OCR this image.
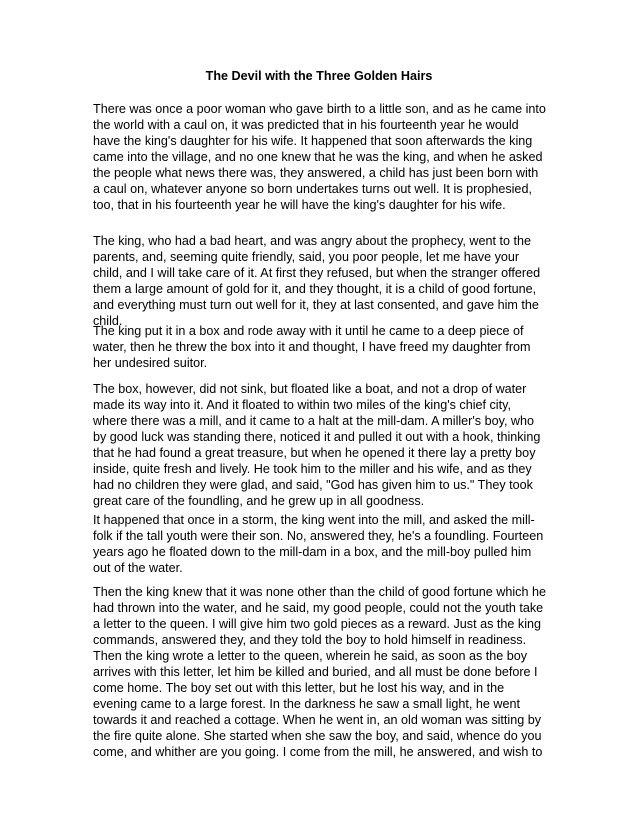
The Devil with the Three Golden Hairs
There was once a poor woman who gave birth to a little son, and as he came into
the world with a caul on, it was predicted that in his fourteenth year he would
have the king's daughter for his wife. It happened that soon afterwards the king
came into the village, and no one knew that he was the king, and when he asked
the people what news there was, they answered, a child has just been born with
a caul on, whatever anyone so born undertakes turns out well. It is prophesied,
too, that in his fourteenth year he will have the king's daughter for his wife.
The king, who had a bad heart, and was angry about the prophecy, went to the
parents, and, seeming quite friendly, said, you poor people, let me have your
child, and I will take care of it. At first they refused, but when the stranger offered
them a large amount of gold for it, and they thought, it is a child of good fortune,
and everything must turn out well for it, they at last consented, and gave him the
child.
The king put it in a box and rode away with it until he came to a deep piece of
water, then he threw the box into it and thought, I have freed my daughter from
her undesired suitor.
The box, however, did not sink, but floated like a boat, and not a drop of water
made its way into it. And it floated to within two miles of the king's chief city,
where there was a mill, and it came to a halt at the mill-dam. A miller's boy, who
by good luck was standing there, noticed it and pulled it out with a hook, thinking
that he had found a great treasure, but when he opened it there lay a pretty boy
inside, quite fresh and lively. He took him to the miller and his wife, and as they
had no children they were glad, and said, "God has given him to us." They took
great care of the foundling, and he grew up in all goodness.
It happened that once in a storm, the king went into the mill, and asked the mill-
folk if the tall youth were their son. No, answered they, he's a foundling. Fourteen
years ago he floated down to the mill-dam in a box, and the mill-boy pulled him
out of the water.
Then the king knew that it was none other than the child of good fortune which he
had thrown into the water, and he said, my good people, could not the youth take
a letter to the queen. I will give him two gold pieces as a reward. Just as the king
commands, answered they, and they told the boy to hold himself in readiness.
Then the king wrote a letter to the queen, wherein he said, as soon as the boy
arrives with this letter, let him be killed and buried, and all must be done before I
come home. The boy set out with this letter, but he lost his way, and in the
evening came to a large forest. In the darkness he saw a small light, he went
towards it and reached a cottage. When he went in, an old woman was sitting by
the fire quite alone. She started when she saw the boy, and said, whence do you
come, and whither are you going. I come from the mill, he answered, and wish to
